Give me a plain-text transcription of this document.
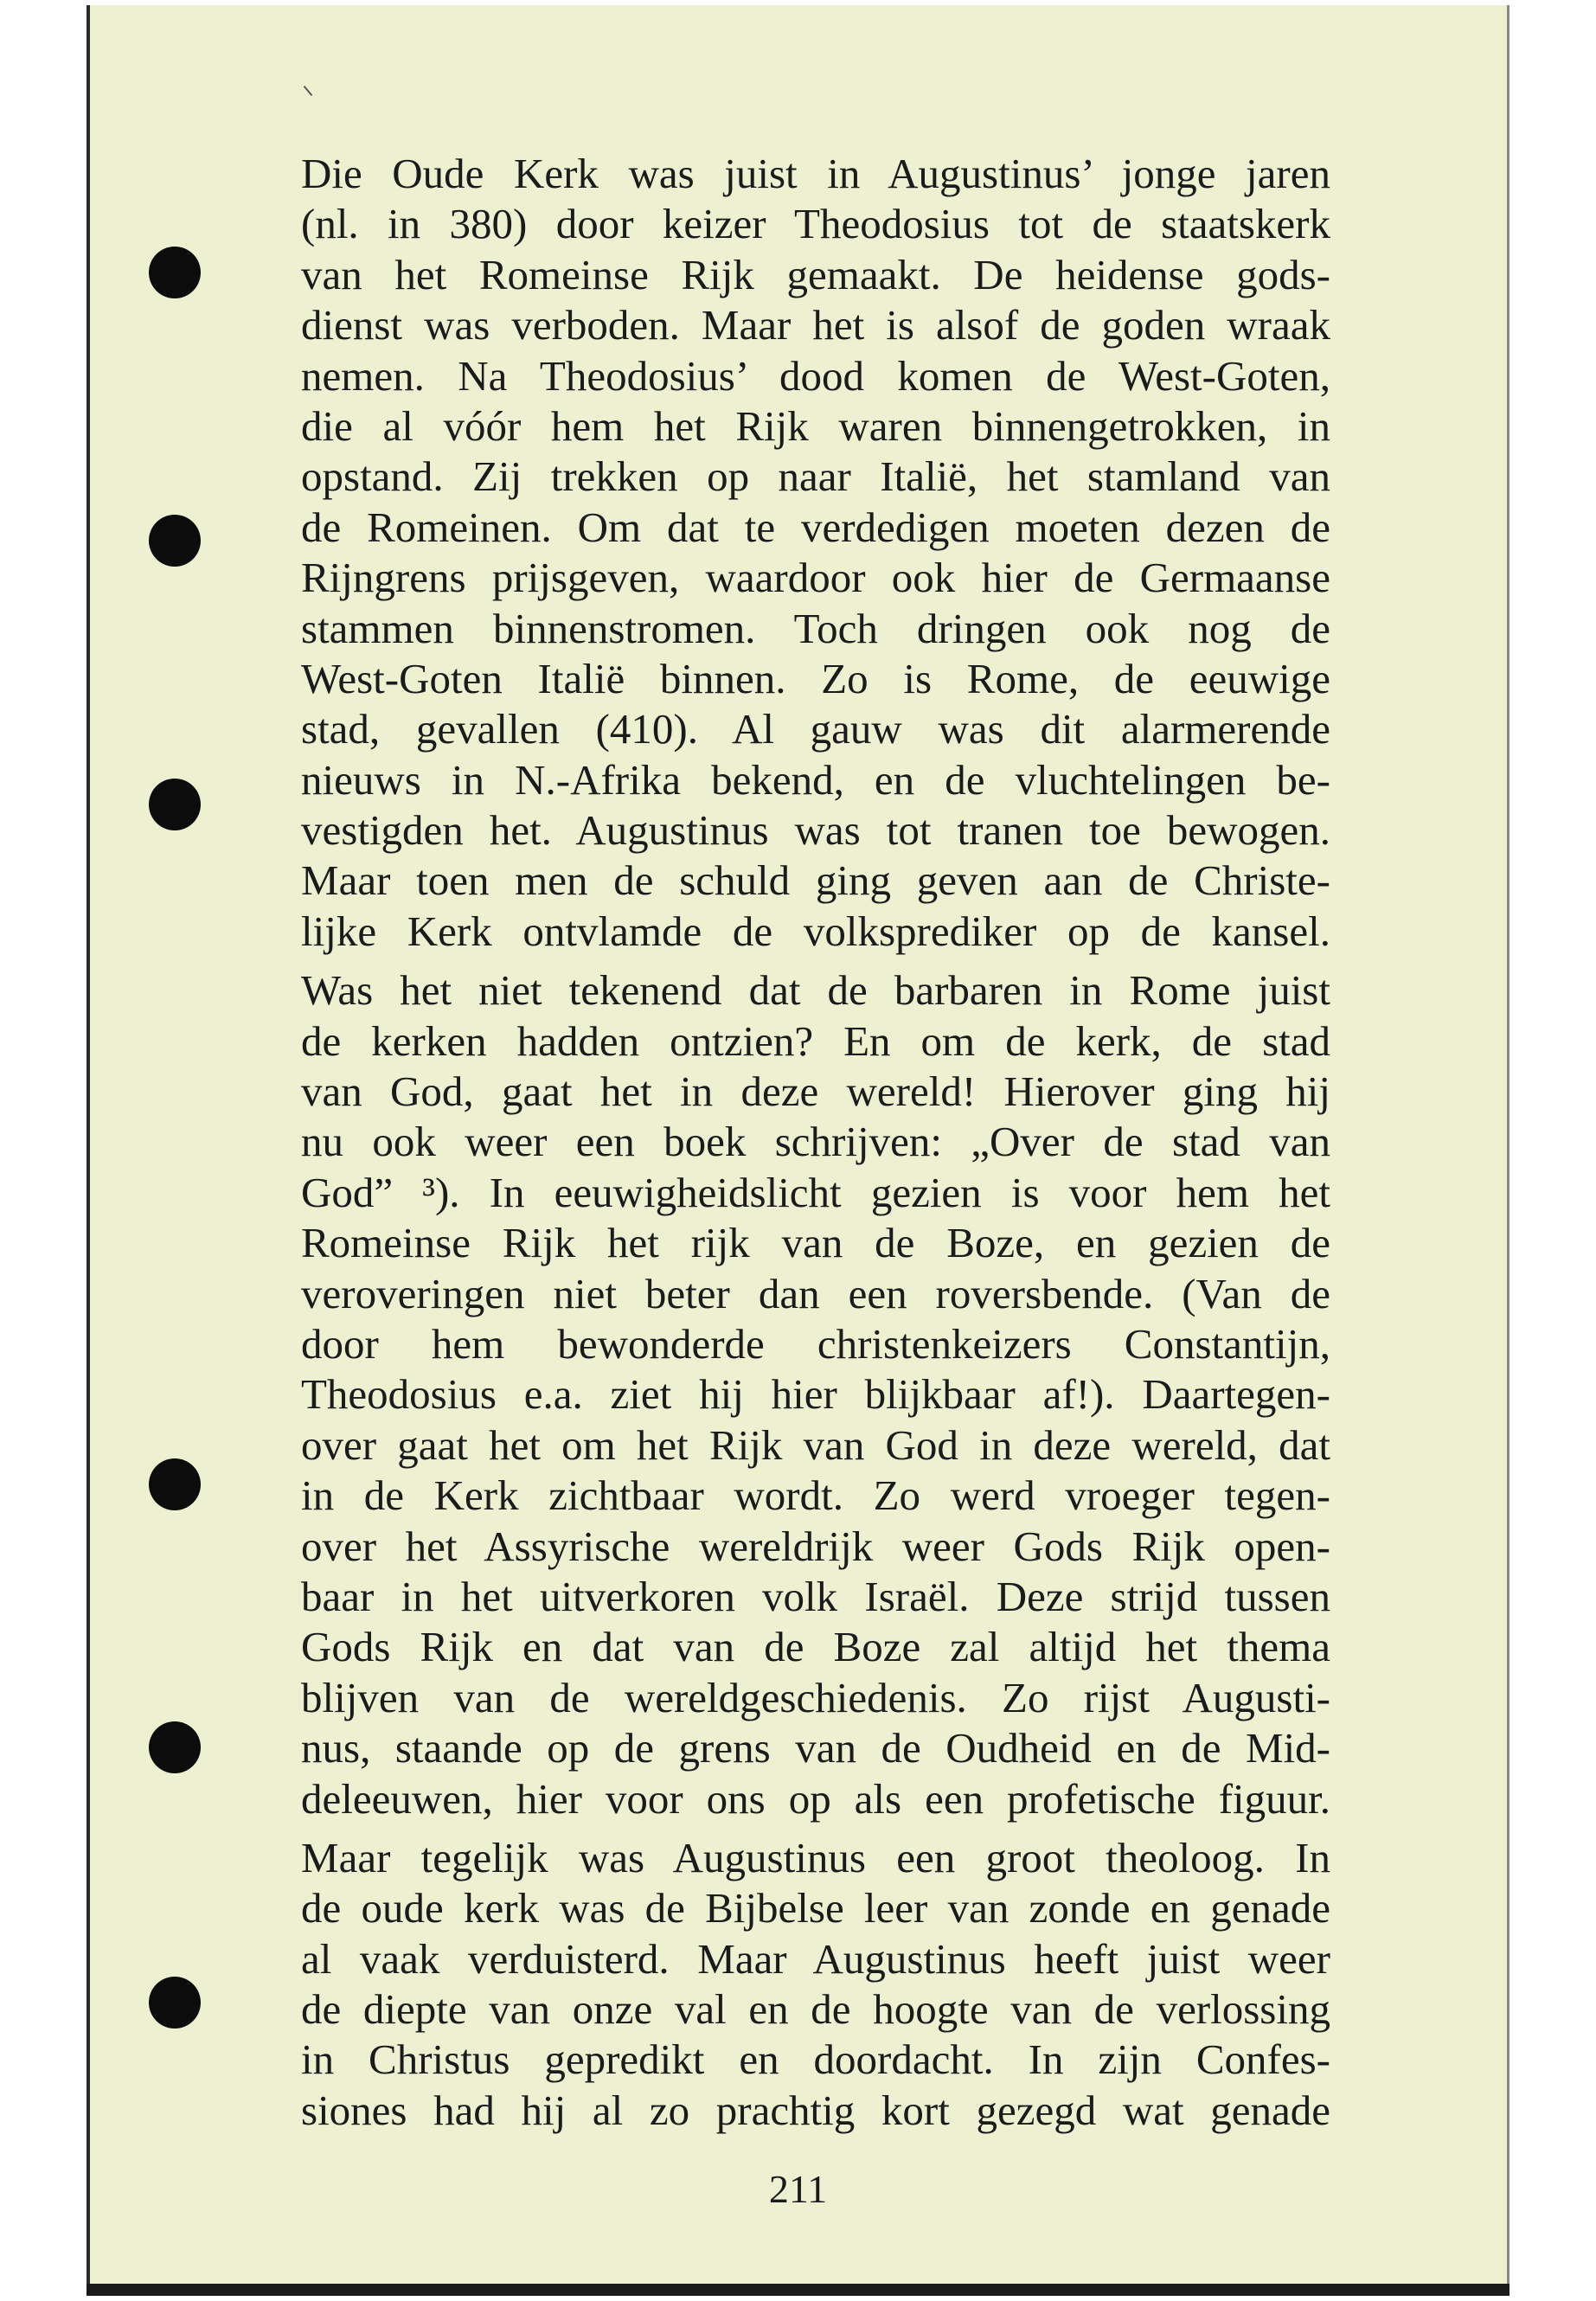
Die Oude Kerk was juist in Augustinus’ jonge jaren
(nl. in 380) door keizer Theodosius tot de staatskerk
van het Romeinse Rijk gemaakt. De heidense gods-
dienst was verboden. Maar het is alsof de goden wraak
nemen. Na Theodosius’ dood komen de West-Goten,
die al vóór hem het Rijk waren binnengetrokken, in
opstand. Zij trekken op naar Italië, het stamland van
de Romeinen. Om dat te verdedigen moeten dezen de
Rijngrens prijsgeven, waardoor ook hier de Germaanse
stammen binnenstromen. Toch dringen ook nog de
West-Goten Italië binnen. Zo is Rome, de eeuwige
stad, gevallen (410). Al gauw was dit alarmerende
nieuws in N.-Afrika bekend, en de vluchtelingen be-
vestigden het. Augustinus was tot tranen toe bewogen.
Maar toen men de schuld ging geven aan de Christe-
lijke Kerk ontvlamde de volksprediker op de kansel.
Was het niet tekenend dat de barbaren in Rome juist
de kerken hadden ontzien? En om de kerk, de stad
van God, gaat het in deze wereld! Hierover ging hij
nu ook weer een boek schrijven: „Over de stad van
God” ³). In eeuwigheidslicht gezien is voor hem het
Romeinse Rijk het rijk van de Boze, en gezien de
veroveringen niet beter dan een roversbende. (Van de
door hem bewonderde christenkeizers Constantijn,
Theodosius e.a. ziet hij hier blijkbaar af!). Daartegen-
over gaat het om het Rijk van God in deze wereld, dat
in de Kerk zichtbaar wordt. Zo werd vroeger tegen-
over het Assyrische wereldrijk weer Gods Rijk open-
baar in het uitverkoren volk Israël. Deze strijd tussen
Gods Rijk en dat van de Boze zal altijd het thema
blijven van de wereldgeschiedenis. Zo rijst Augusti-
nus, staande op de grens van de Oudheid en de Mid-
deleeuwen, hier voor ons op als een profetische figuur.
Maar tegelijk was Augustinus een groot theoloog. In
de oude kerk was de Bijbelse leer van zonde en genade
al vaak verduisterd. Maar Augustinus heeft juist weer
de diepte van onze val en de hoogte van de verlossing
in Christus gepredikt en doordacht. In zijn Confes-
siones had hij al zo prachtig kort gezegd wat genade
211
